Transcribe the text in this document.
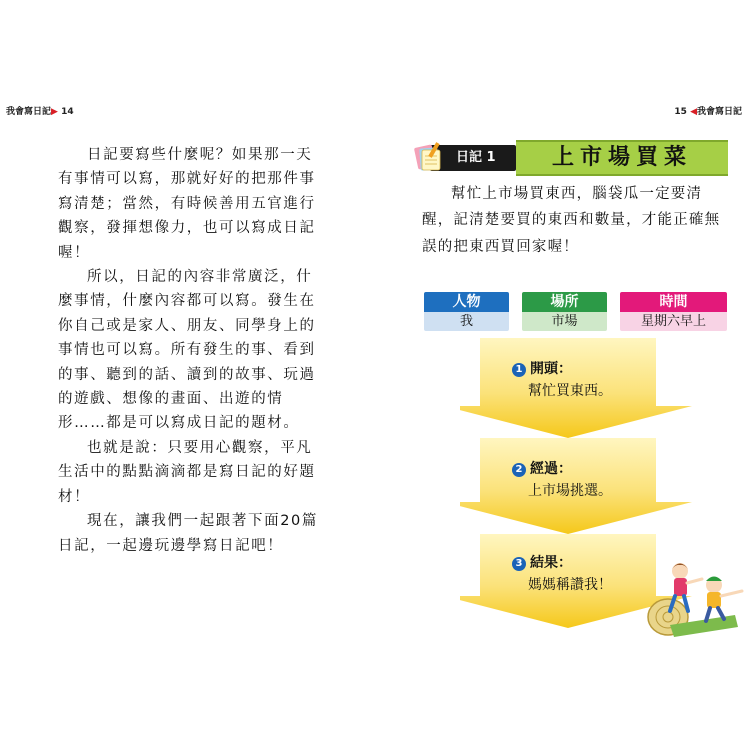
我會寫日記▶ 14

日記要寫些什麼呢？如果那一天有事情可以寫，那就好好的把那件事寫清楚；當然，有時候善用五官進行觀察，發揮想像力，也可以寫成日記喔！

所以，日記的內容非常廣泛，什麼事情，什麼內容都可以寫。發生在你自己或是家人、朋友、同學身上的事情也可以寫。所有發生的事、看到的事、聽到的話、讀到的故事、玩過的遊戲、想像的畫面、出遊的情形……都是可以寫成日記的題材。

也就是說：只要用心觀察，平凡生活中的點點滴滴都是寫日記的好題材！

現在，讓我們一起跟著下面20篇日記，一起邊玩邊學寫日記吧！

15 ◀我會寫日記
日記 1	上市場買菜

幫忙上市場買東西，腦袋瓜一定要清醒，記清楚要買的東西和數量，才能正確無誤的把東西買回家喔！

人物
我
場所
市場
時間
星期六早上
1 開頭：
幫忙買東西。
2 經過：
上市場挑選。
3 結果：
媽媽稱讚我！
